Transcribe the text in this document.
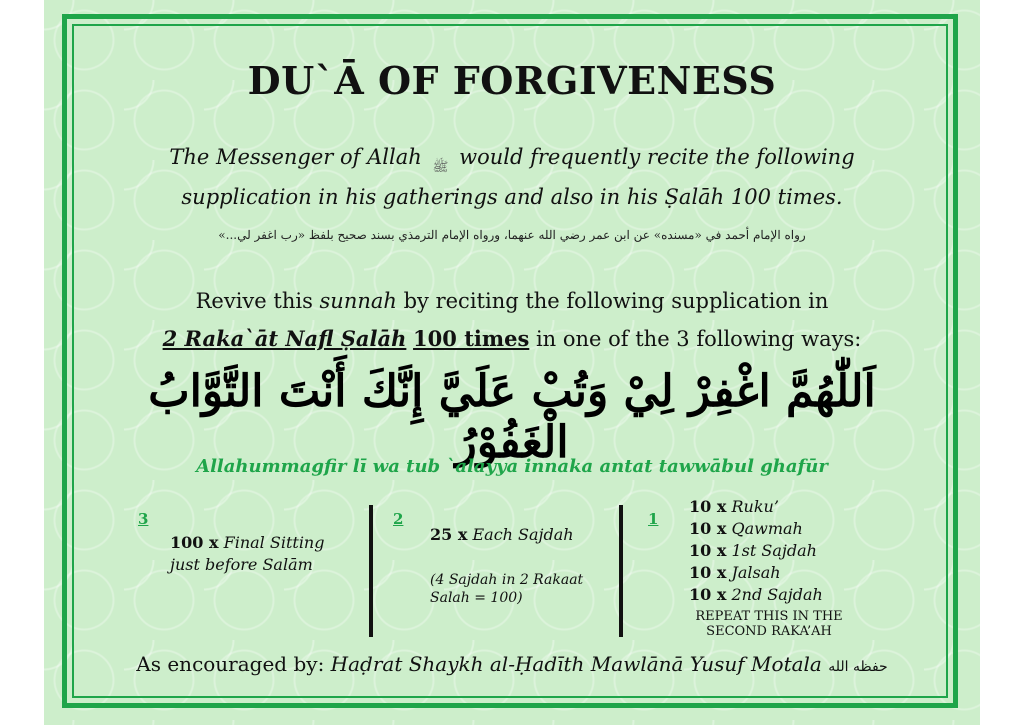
DU`Ā OF FORGIVENESS
The Messenger of Allah ﷺ would frequently recite the following
supplication in his gatherings and also in his Ṣalāh 100 times.
رواه الإمام أحمد في «مسنده» عن ابن عمر رضي الله عنهما، ورواه الإمام الترمذي بسند صحيح بلفظ «رب اغفر لي...»
Revive this sunnah by reciting the following supplication in
2 Raka`āt Nafl Ṣalāh 100 times in one of the 3 following ways:
اَللّٰهُمَّ اغْفِرْ لِيْ وَتُبْ عَلَيَّ إِنَّكَ أَنْتَ التَّوَّابُ الْغَفُوْرُ
Allahummagfir lī wa tub `alayya innaka antat tawwābul ghafūr
3
100 x Final Sitting
just before Salām
2
25 x Each Sajdah
(4 Sajdah in 2 Rakaat
Salah = 100)
1
10 x Ruku’
10 x Qawmah
10 x 1st Sajdah
10 x Jalsah
10 x 2nd Sajdah
REPEAT THIS IN THE
SECOND RAKA’AH
As encouraged by: Haḍrat Shaykh al-Ḥadīth Mawlānā Yusuf Motala حفظه الله
